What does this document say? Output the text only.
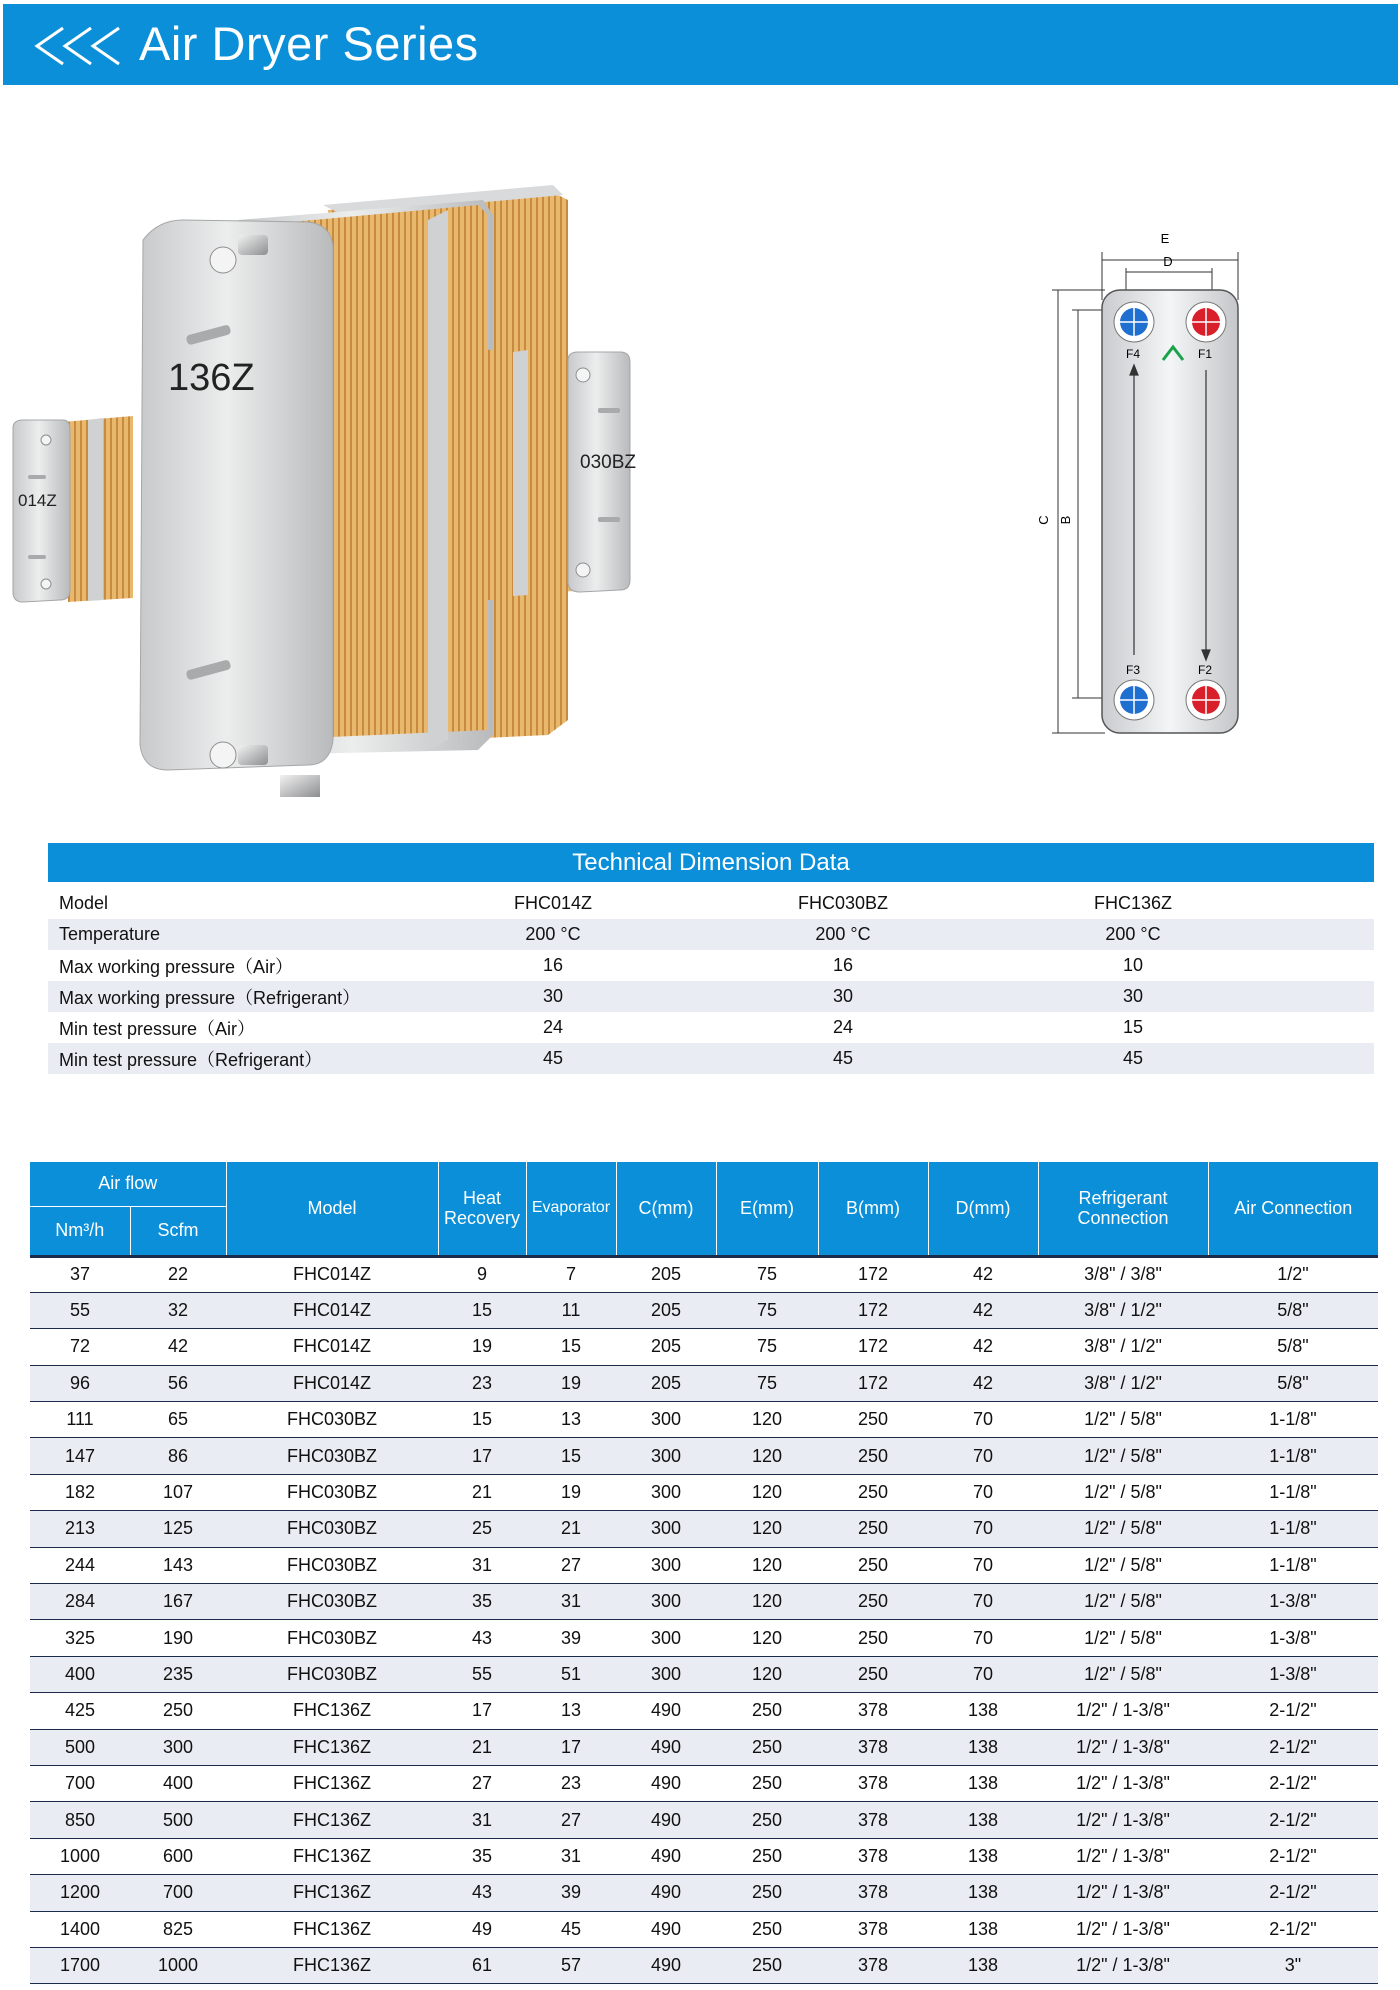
Air Dryer Series
136Z
014Z
030BZ
E
D
C B
F4	F1
F3	F2
Technical Dimension Data
Model	FHC014Z	FHC030BZ	FHC136Z	
Temperature	200 °C	200 °C	200 °C	
Max working pressure（Air）	16	16	10	
Max working pressure（Refrigerant）	30	30	30	
Min test pressure（Air）	24	24	15	
Min test pressure（Refrigerant）	45	45	45	
Air flow		Model	Heat Recovery	Evaporator	C(mm)	E(mm)	B(mm)	D(mm)	Refrigerant Connection	Air Connection
Nm³/h	Scfm									
37	22	FHC014Z	9	7	205	75	172	42	3/8" / 3/8"	1/2"
55	32	FHC014Z	15	11	205	75	172	42	3/8" / 1/2"	5/8"
72	42	FHC014Z	19	15	205	75	172	42	3/8" / 1/2"	5/8"
96	56	FHC014Z	23	19	205	75	172	42	3/8" / 1/2"	5/8"
111	65	FHC030BZ	15	13	300	120	250	70	1/2" / 5/8"	1-1/8"
147	86	FHC030BZ	17	15	300	120	250	70	1/2" / 5/8"	1-1/8"
182	107	FHC030BZ	21	19	300	120	250	70	1/2" / 5/8"	1-1/8"
213	125	FHC030BZ	25	21	300	120	250	70	1/2" / 5/8"	1-1/8"
244	143	FHC030BZ	31	27	300	120	250	70	1/2" / 5/8"	1-1/8"
284	167	FHC030BZ	35	31	300	120	250	70	1/2" / 5/8"	1-3/8"
325	190	FHC030BZ	43	39	300	120	250	70	1/2" / 5/8"	1-3/8"
400	235	FHC030BZ	55	51	300	120	250	70	1/2" / 5/8"	1-3/8"
425	250	FHC136Z	17	13	490	250	378	138	1/2" / 1-3/8"	2-1/2"
500	300	FHC136Z	21	17	490	250	378	138	1/2" / 1-3/8"	2-1/2"
700	400	FHC136Z	27	23	490	250	378	138	1/2" / 1-3/8"	2-1/2"
850	500	FHC136Z	31	27	490	250	378	138	1/2" / 1-3/8"	2-1/2"
1000	600	FHC136Z	35	31	490	250	378	138	1/2" / 1-3/8"	2-1/2"
1200	700	FHC136Z	43	39	490	250	378	138	1/2" / 1-3/8"	2-1/2"
1400	825	FHC136Z	49	45	490	250	378	138	1/2" / 1-3/8"	2-1/2"
1700	1000	FHC136Z	61	57	490	250	378	138	1/2" / 1-3/8"	3"
